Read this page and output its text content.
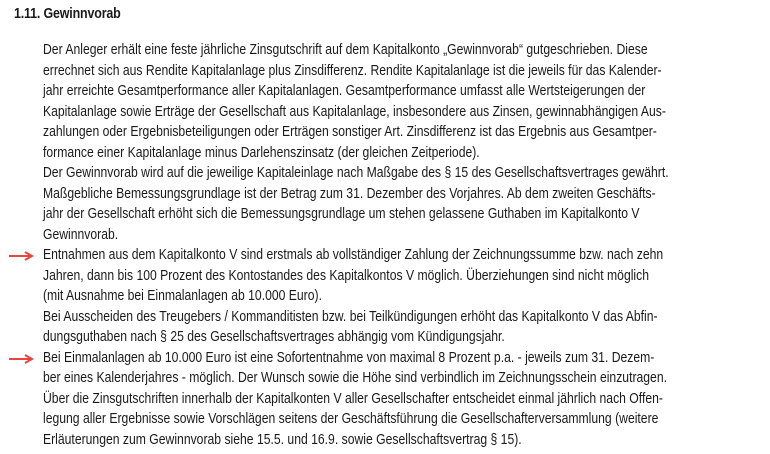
1.11. Gewinnvorab
Der Anleger erhält eine feste jährliche Zinsgutschrift auf dem Kapitalkonto „Gewinnvorab“ gutgeschrieben. Diese
errechnet sich aus Rendite Kapitalanlage plus Zinsdifferenz. Rendite Kapitalanlage ist die jeweils für das Kalender-
jahr erreichte Gesamtperformance aller Kapitalanlagen. Gesamtperformance umfasst alle Wertsteigerungen der
Kapitalanlage sowie Erträge der Gesellschaft aus Kapitalanlage, insbesondere aus Zinsen, gewinnabhängigen Aus-
zahlungen oder Ergebnisbeteiligungen oder Erträgen sonstiger Art. Zinsdifferenz ist das Ergebnis aus Gesamtper-
formance einer Kapitalanlage minus Darlehenszinsatz (der gleichen Zeitperiode).
Der Gewinnvorab wird auf die jeweilige Kapitaleinlage nach Maßgabe des § 15 des Gesellschaftsvertrages gewährt.
Maßgebliche Bemessungsgrundlage ist der Betrag zum 31. Dezember des Vorjahres. Ab dem zweiten Geschäfts-
jahr der Gesellschaft erhöht sich die Bemessungsgrundlage um stehen gelassene Guthaben im Kapitalkonto V
Gewinnvorab.
Entnahmen aus dem Kapitalkonto V sind erstmals ab vollständiger Zahlung der Zeichnungssumme bzw. nach zehn
Jahren, dann bis 100 Prozent des Kontostandes des Kapitalkontos V möglich. Überziehungen sind nicht möglich
(mit Ausnahme bei Einmalanlagen ab 10.000 Euro).
Bei Ausscheiden des Treugebers / Kommanditisten bzw. bei Teilkündigungen erhöht das Kapitalkonto V das Abfin-
dungsguthaben nach § 25 des Gesellschaftsvertrages abhängig vom Kündigungsjahr.
Bei Einmalanlagen ab 10.000 Euro ist eine Sofortentnahme von maximal 8 Prozent p.a. - jeweils zum 31. Dezem-
ber eines Kalenderjahres - möglich. Der Wunsch sowie die Höhe sind verbindlich im Zeichnungsschein einzutragen.
Über die Zinsgutschriften innerhalb der Kapitalkonten V aller Gesellschafter entscheidet einmal jährlich nach Offen-
legung aller Ergebnisse sowie Vorschlägen seitens der Geschäftsführung die Gesellschafterversammlung (weitere
Erläuterungen zum Gewinnvorab siehe 15.5. und 16.9. sowie Gesellschaftsvertrag § 15).
